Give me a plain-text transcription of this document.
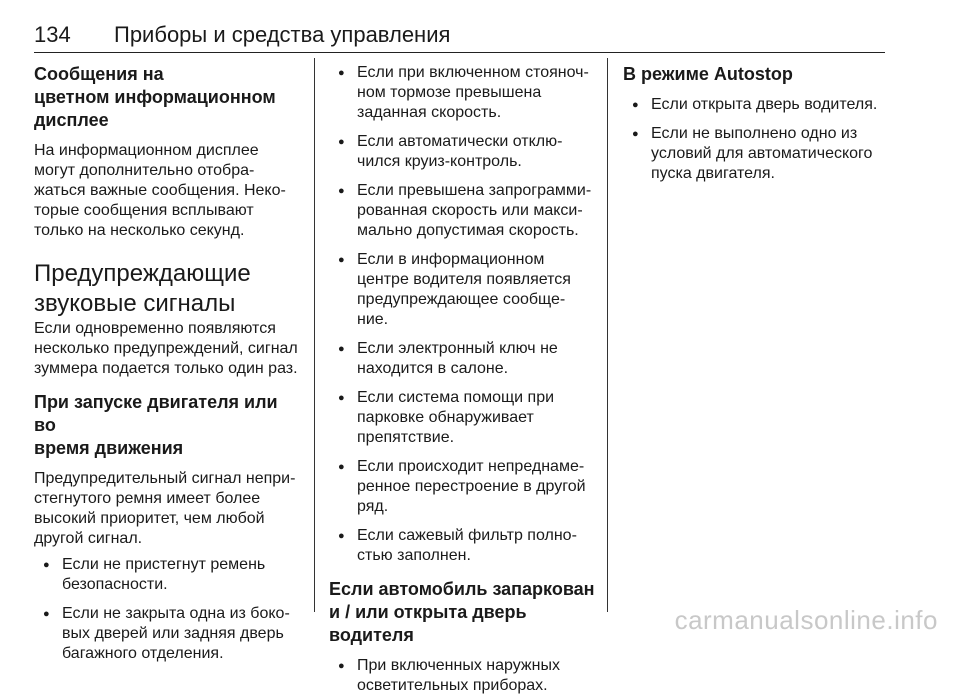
134	Приборы и средства управления
Сообщения на
цветном информационном
дисплее
На информационном дисплее
могут дополнительно отобра‐
жаться важные сообщения. Неко‐
торые сообщения всплывают
только на несколько секунд.
Предупреждающие
звуковые сигналы
Если одновременно появляются
несколько предупреждений, сигнал
зуммера подается только один раз.
При запуске двигателя или во
время движения
Предупредительный сигнал непри‐
стегнутого ремня имеет более
высокий приоритет, чем любой
другой сигнал.
● Если не пристегнут ремень
безопасности.
● Если не закрыта одна из боко‐
вых дверей или задняя дверь
багажного отделения.
● Если при включенном стояноч‐
ном тормозе превышена
заданная скорость.
● Если автоматически отклю‐
чился круиз-контроль.
● Если превышена запрограмми‐
рованная скорость или макси‐
мально допустимая скорость.
● Если в информационном
центре водителя появляется
предупреждающее сообще‐
ние.
● Если электронный ключ не
находится в салоне.
● Если система помощи при
парковке обнаруживает
препятствие.
● Если происходит непреднаме‐
ренное перестроение в другой
ряд.
● Если сажевый фильтр полно‐
стью заполнен.
Если автомобиль запаркован
и / или открыта дверь водителя
● При включенных наружных
осветительных приборах.
В режиме Autostop
● Если открыта дверь водителя.
● Если не выполнено одно из
условий для автоматического
пуска двигателя.
carmanualsonline.info
